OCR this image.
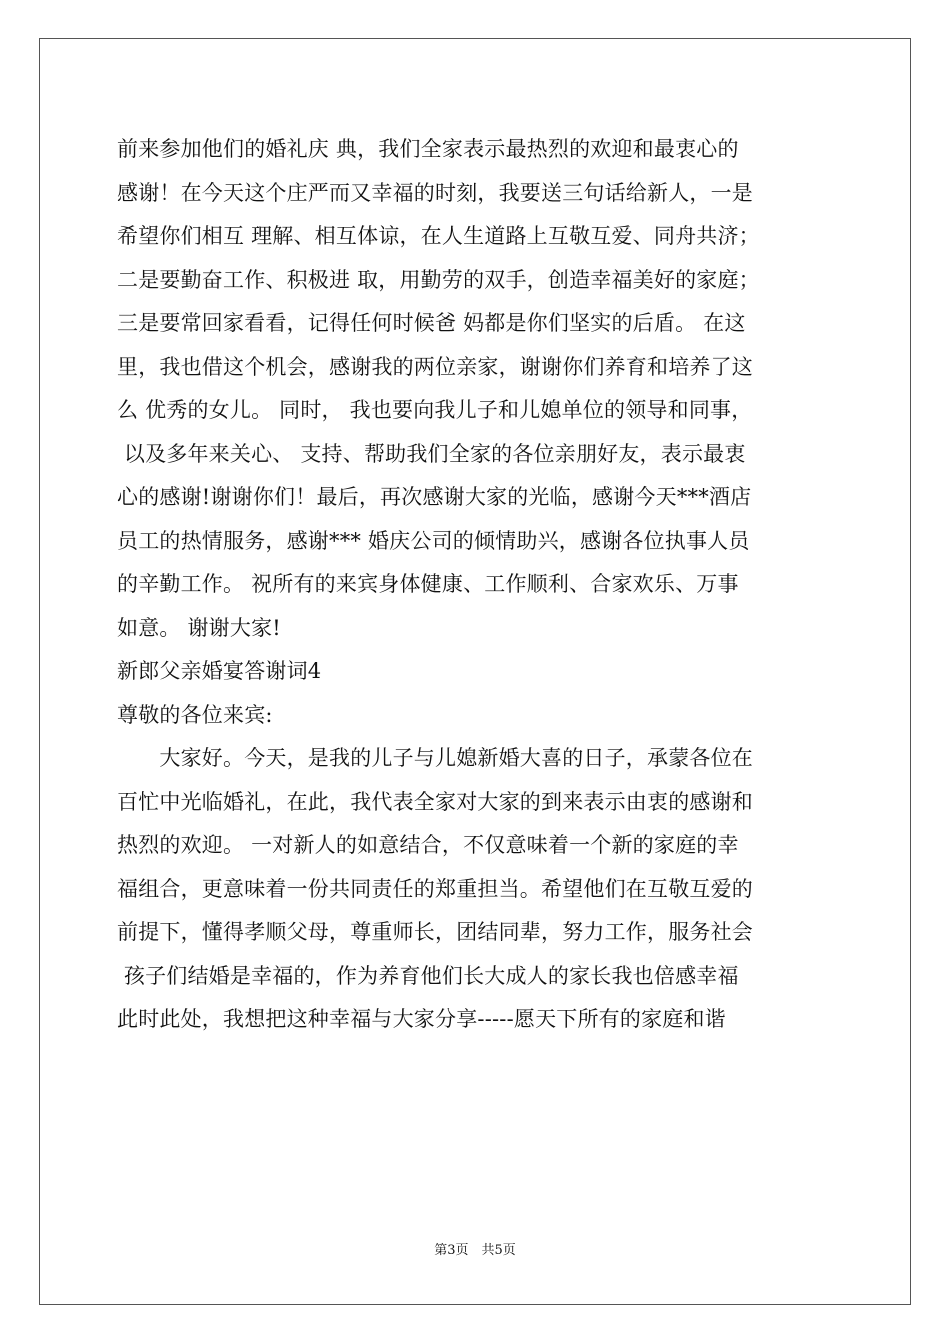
前来参加他们的婚礼庆 典，我们全家表示最热烈的欢迎和最衷心的
感谢！在今天这个庄严而又幸福的时刻，我要送三句话给新人，一是
希望你们相互 理解、相互体谅，在人生道路上互敬互爱、同舟共济；
二是要勤奋工作、积极进 取，用勤劳的双手，创造幸福美好的家庭；
三是要常回家看看，记得任何时候爸 妈都是你们坚实的后盾。 在这
里，我也借这个机会，感谢我的两位亲家，谢谢你们养育和培养了这
么 优秀的女儿。 同时， 我也要向我儿子和儿媳单位的领导和同事，
以及多年来关心、 支持、帮助我们全家的各位亲朋好友，表示最衷
心的感谢!谢谢你们！最后，再次感谢大家的光临，感谢今天***酒店
员工的热情服务，感谢*** 婚庆公司的倾情助兴，感谢各位执事人员
的辛勤工作。 祝所有的来宾身体健康、工作顺利、合家欢乐、万事
如意。 谢谢大家!
新郎父亲婚宴答谢词4
尊敬的各位来宾:
　　大家好。今天，是我的儿子与儿媳新婚大喜的日子，承蒙各位在
百忙中光临婚礼，在此，我代表全家对大家的到来表示由衷的感谢和
热烈的欢迎。 一对新人的如意结合，不仅意味着一个新的家庭的幸
福组合，更意味着一份共同责任的郑重担当。希望他们在互敬互爱的
前提下，懂得孝顺父母，尊重师长，团结同辈，努力工作，服务社会
孩子们结婚是幸福的，作为养育他们长大成人的家长我也倍感幸福
此时此处，我想把这种幸福与大家分享-----愿天下所有的家庭和谐
第3页　共5页
